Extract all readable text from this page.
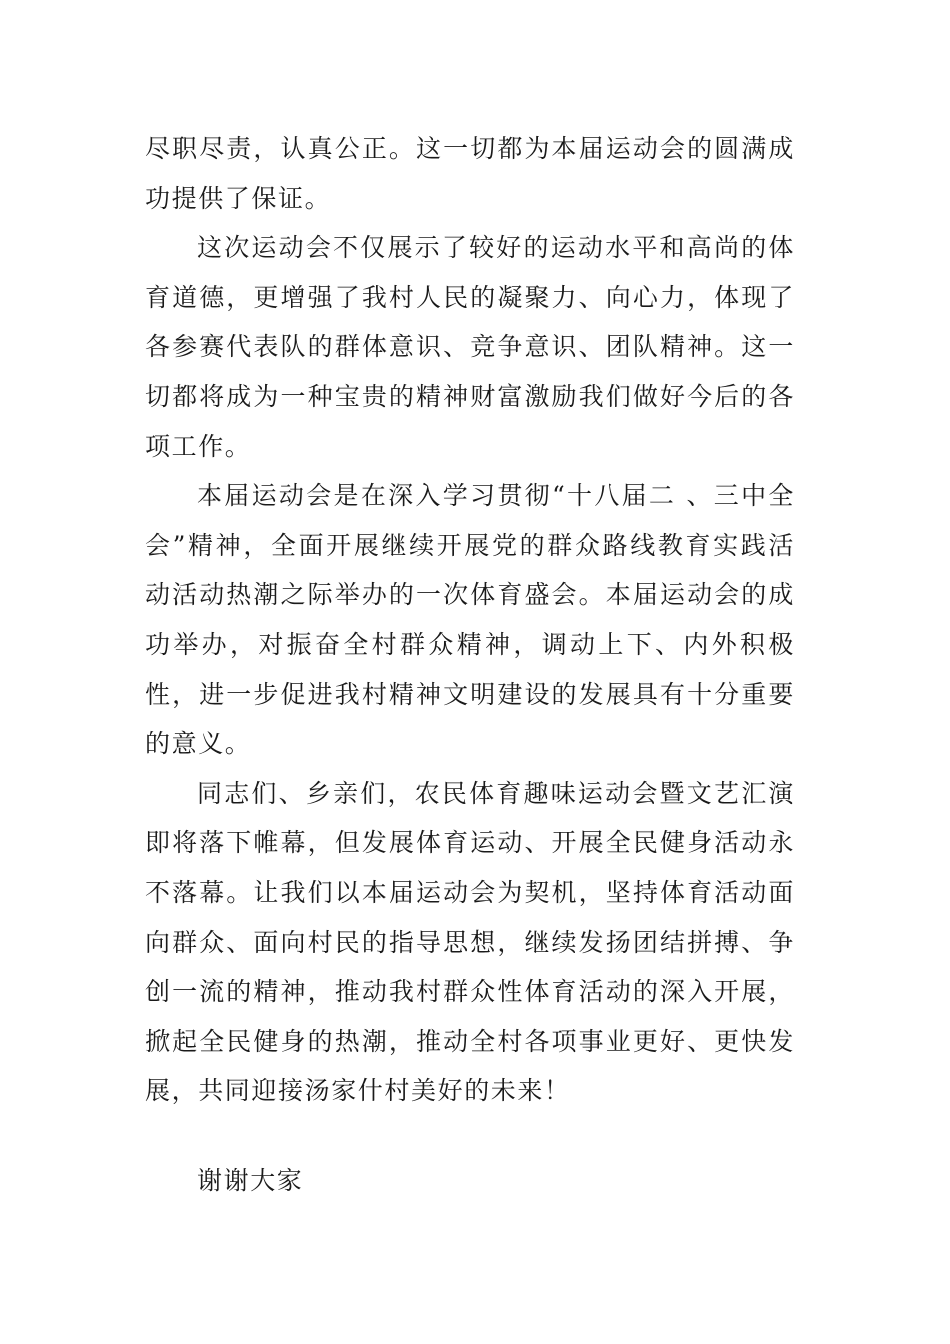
尽职尽责，认真公正。这一切都为本届运动会的圆满成功提供了保证。

这次运动会不仅展示了较好的运动水平和高尚的体育道德，更增强了我村人民的凝聚力、向心力，体现了各参赛代表队的群体意识、竞争意识、团队精神。这一切都将成为一种宝贵的精神财富激励我们做好今后的各项工作。

本届运动会是在深入学习贯彻“十八届二 、三中全会”精神，全面开展继续开展党的群众路线教育实践活动活动热潮之际举办的一次体育盛会。本届运动会的成功举办，对振奋全村群众精神，调动上下、内外积极性，进一步促进我村精神文明建设的发展具有十分重要的意义。

同志们、乡亲们，农民体育趣味运动会暨文艺汇演即将落下帷幕，但发展体育运动、开展全民健身活动永不落幕。让我们以本届运动会为契机，坚持体育活动面向群众、面向村民的指导思想，继续发扬团结拼搏、争创一流的精神，推动我村群众性体育活动的深入开展，掀起全民健身的热潮，推动全村各项事业更好、更快发展，共同迎接汤家什村美好的未来！

谢谢大家
